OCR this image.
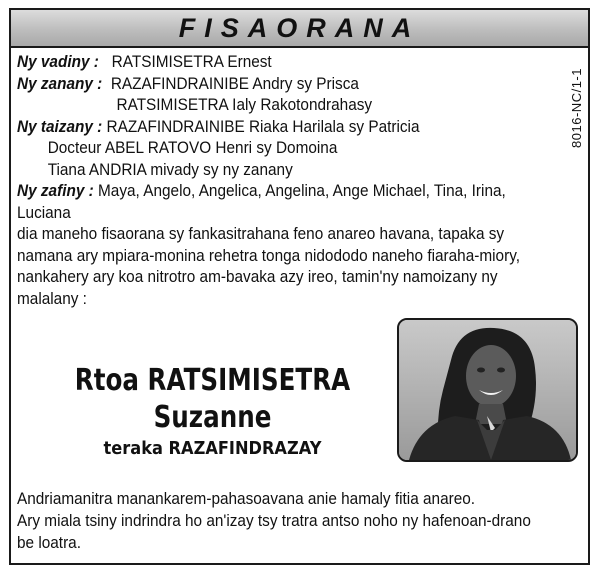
FISAORANA
Ny vadiny : RATSIMISETRA Ernest
Ny zanany : RAZAFINDRAINIBE Andry sy Prisca
RATSIMISETRA Ialy Rakotondrahasy
Ny taizany : RAZAFINDRAINIBE Riaka Harilala sy Patricia
Docteur ABEL RATOVO Henri sy Domoina
Tiana ANDRIA mivady sy ny zanany
Ny zafiny : Maya, Angelo, Angelica, Angelina, Ange Michael, Tina, Irina,
Luciana
dia maneho fisaorana sy fankasitrahana feno anareo havana, tapaka sy
namana ary mpiara-monina rehetra tonga nidododo naneho fiaraha-miory,
nankahery ary koa nitrotro am-bavaka azy ireo, tamin'ny namoizany ny
malalany :
8016-NC/1-1
Rtoa RATSIMISETRA
Suzanne
teraka RAZAFINDRAZAY
Andriamanitra manankarem-pahasoavana anie hamaly fitia anareo.
Ary miala tsiny indrindra ho an'izay tsy tratra antso noho ny hafenoan-drano
be loatra.
